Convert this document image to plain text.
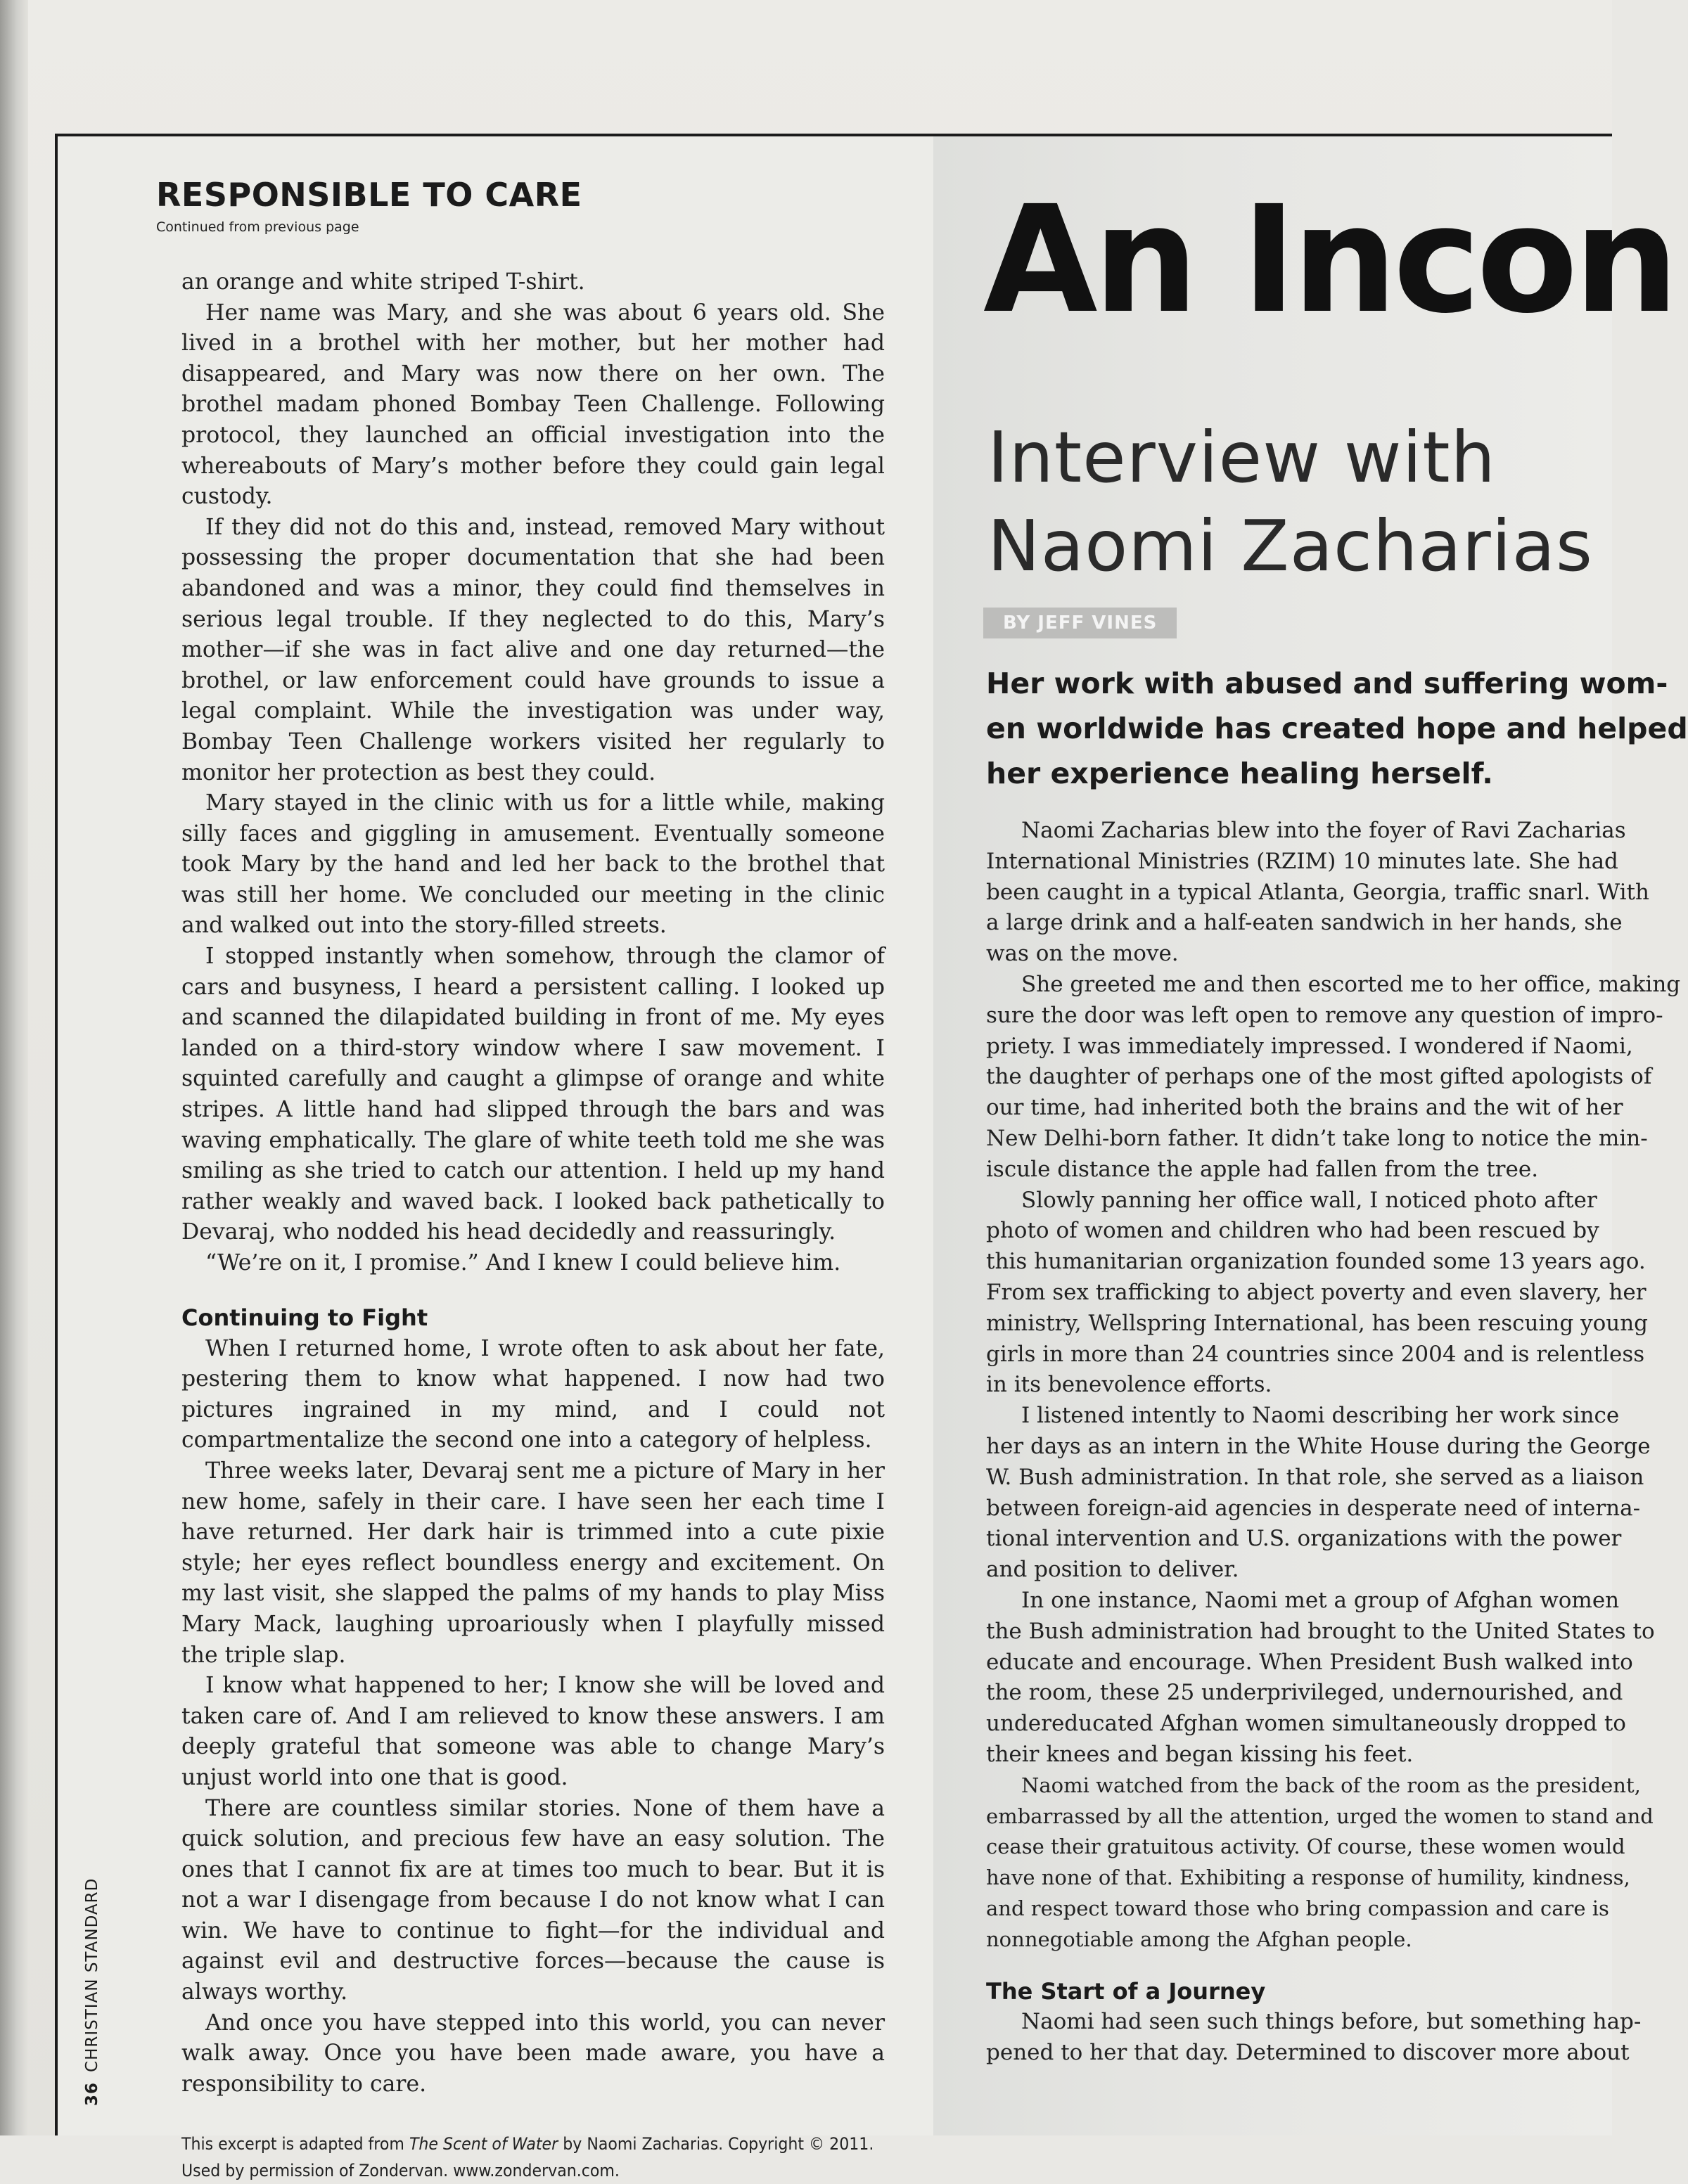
RESPONSIBLE TO CARE
Continued from previous page

an orange and white striped T-shirt.

Her name was Mary, and she was about 6 years old. She lived in a brothel with her mother, but her mother had disappeared, and Mary was now there on her own. The brothel madam phoned Bombay Teen Challenge. Following protocol, they launched an official investigation into the whereabouts of Mary’s mother before they could gain legal custody.

If they did not do this and, instead, removed Mary without possessing the proper documentation that she had been abandoned and was a minor, they could find themselves in serious legal trouble. If they neglected to do this, Mary’s mother—if she was in fact alive and one day returned—the brothel, or law enforcement could have grounds to issue a legal complaint. While the investigation was under way, Bombay Teen Challenge workers visited her regularly to monitor her protection as best they could.

Mary stayed in the clinic with us for a little while, making silly faces and giggling in amusement. Eventually someone took Mary by the hand and led her back to the brothel that was still her home. We concluded our meeting in the clinic and walked out into the story-filled streets.

I stopped instantly when somehow, through the clamor of cars and busyness, I heard a persistent calling. I looked up and scanned the dilapidated building in front of me. My eyes landed on a third-story window where I saw movement. I squinted carefully and caught a glimpse of orange and white stripes. A little hand had slipped through the bars and was waving emphatically. The glare of white teeth told me she was smiling as she tried to catch our attention. I held up my hand rather weakly and waved back. I looked back pathetically to Devaraj, who nodded his head decidedly and reassuringly.

“We’re on it, I promise.” And I knew I could believe him.

Continuing to Fight

When I returned home, I wrote often to ask about her fate, pestering them to know what happened. I now had two pictures ingrained in my mind, and I could not compartmentalize the second one into a category of helpless.

Three weeks later, Devaraj sent me a picture of Mary in her new home, safely in their care. I have seen her each time I have returned. Her dark hair is trimmed into a cute pixie style; her eyes reflect boundless energy and excitement. On my last visit, she slapped the palms of my hands to play Miss Mary Mack, laughing uproariously when I playfully missed the triple slap.

I know what happened to her; I know she will be loved and taken care of. And I am relieved to know these answers. I am deeply grateful that someone was able to change Mary’s unjust world into one that is good.

There are countless similar stories. None of them have a quick solution, and precious few have an easy solution. The ones that I cannot fix are at times too much to bear. But it is not a war I disengage from because I do not know what I can win. We have to continue to fight—for the individual and against evil and destructive forces—because the cause is always worthy.

And once you have stepped into this world, you can never walk away. Once you have been made aware, you have a responsibility to care.

This excerpt is adapted from The Scent of Water by Naomi Zacharias. Copyright © 2011. Used by permission of Zondervan. www.zondervan.com.

36CHRISTIAN STANDARD
An Incon
Interview with
Naomi Zacharias
BY JEFF VINES
Her work with abused and suffering wom-
en worldwide has created hope and helped
her experience healing herself.

Naomi Zacharias blew into the foyer of Ravi Zacharias
International Ministries (RZIM) 10 minutes late. She had
been caught in a typical Atlanta, Georgia, traffic snarl. With
a large drink and a half-eaten sandwich in her hands, she
was on the move.

She greeted me and then escorted me to her office, making
sure the door was left open to remove any question of impro-
priety. I was immediately impressed. I wondered if Naomi,
the daughter of perhaps one of the most gifted apologists of
our time, had inherited both the brains and the wit of her
New Delhi-born father. It didn’t take long to notice the min-
iscule distance the apple had fallen from the tree.

Slowly panning her office wall, I noticed photo after
photo of women and children who had been rescued by
this humanitarian organization founded some 13 years ago.
From sex trafficking to abject poverty and even slavery, her
ministry, Wellspring International, has been rescuing young
girls in more than 24 countries since 2004 and is relentless
in its benevolence efforts.

I listened intently to Naomi describing her work since
her days as an intern in the White House during the George
W. Bush administration. In that role, she served as a liaison
between foreign-aid agencies in desperate need of interna-
tional intervention and U.S. organizations with the power
and position to deliver.

In one instance, Naomi met a group of Afghan women
the Bush administration had brought to the United States to
educate and encourage. When President Bush walked into
the room, these 25 underprivileged, undernourished, and
undereducated Afghan women simultaneously dropped to
their knees and began kissing his feet.

Naomi watched from the back of the room as the president,
embarrassed by all the attention, urged the women to stand and
cease their gratuitous activity. Of course, these women would
have none of that. Exhibiting a response of humility, kindness,
and respect toward those who bring compassion and care is
nonnegotiable among the Afghan people.

The Start of a Journey

Naomi had seen such things before, but something hap-
pened to her that day. Determined to discover more about
